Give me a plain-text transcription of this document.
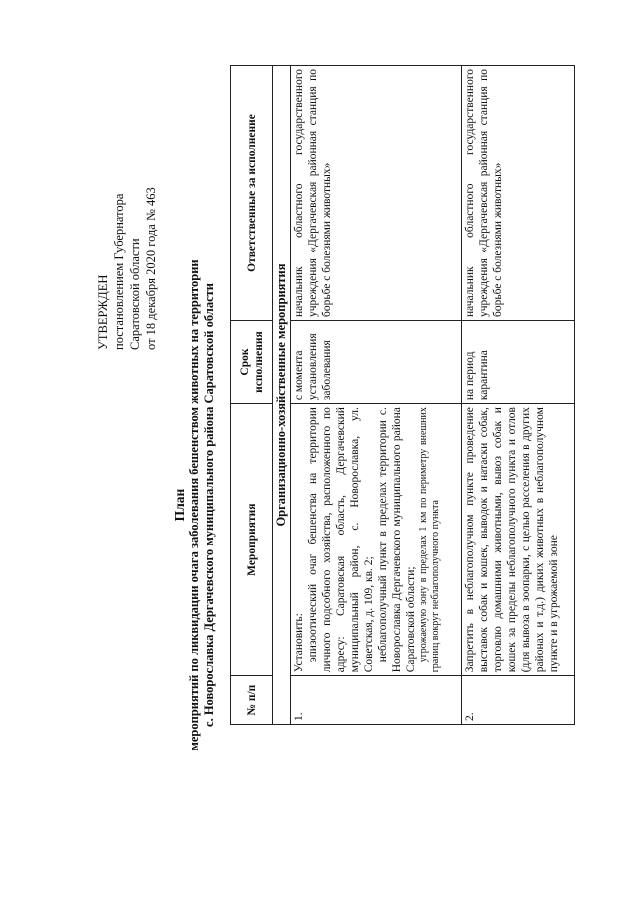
УТВЕРЖДЕН постановлением Губернатора Саратовской области от 18 декабря 2020 года № 463
План мероприятий по ликвидации очага заболевания бешенством животных на территории с. Новорославка Дергачевского муниципального района Саратовской области	№ п/п	Мероприятия	Срок исполнения	Ответственные за исполнение
Организационно-хозяйственные мероприятия			
1.	Установить: эпизоотический очаг бешенства на территории личного подсобного хозяйства, расположенного по адресу: Саратовская область, Дергачевский муниципальный район, с. Новорославка, ул. Советская, д. 109, кв. 2; неблагополучный пункт в пределах территории с. Новорославка Дергачевского муниципального района Саратовской области; угрожаемую зону в пределах 1 км по периметру внешних границ вокруг неблагополучного пункта	с момента установления заболевания	начальник областного государственного учреждения «Дергачевская районная станция по борьбе с болезнями животных»
2.	Запретить в неблагополучном пункте проведение выставок собак и кошек, выводок и натаски собак, торговлю домашними животными, вывоз собак и кошек за пределы неблагополучного пункта и отлов (для вывоза в зоопарки, с целью расселения в других районах и т.д.) диких животных в неблагополучном пункте и в угрожаемой зоне	на период карантина	начальник областного государственного учреждения «Дергачевская районная станция по борьбе с болезнями животных»
